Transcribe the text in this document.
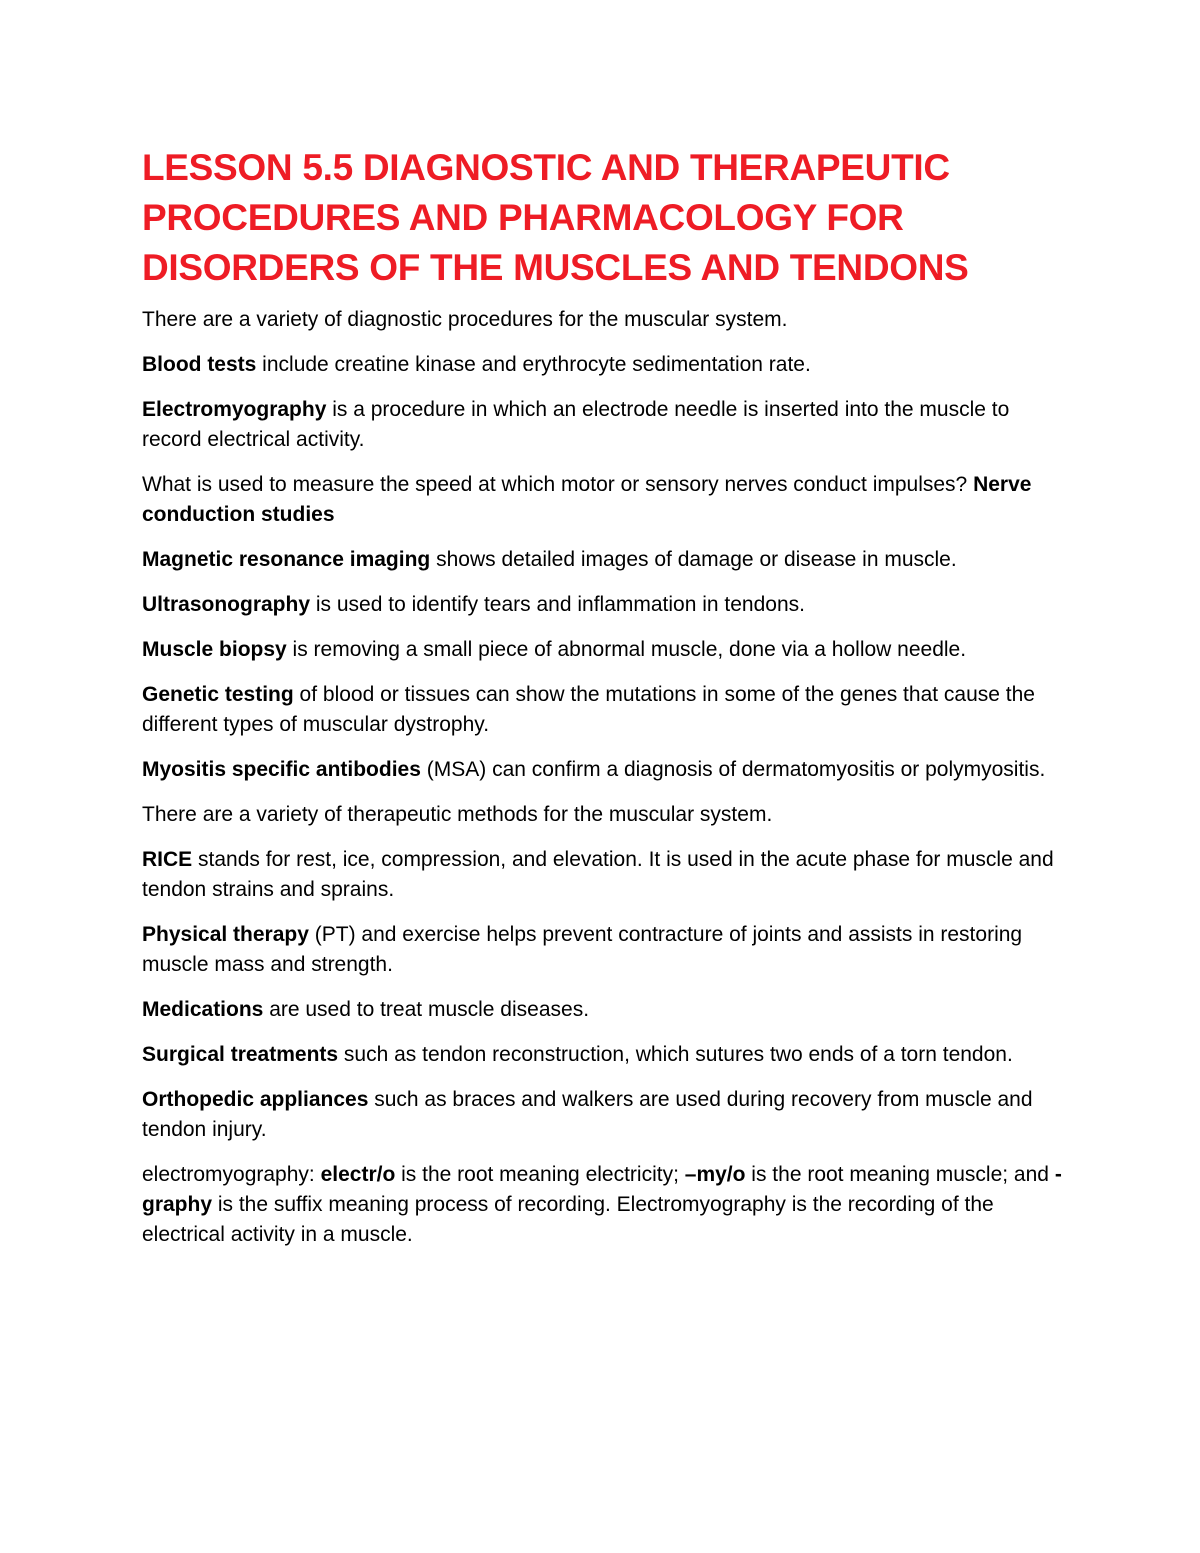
LESSON 5.5 DIAGNOSTIC AND THERAPEUTIC PROCEDURES AND PHARMACOLOGY FOR DISORDERS OF THE MUSCLES AND TENDONS

There are a variety of diagnostic procedures for the muscular system.

Blood tests include creatine kinase and erythrocyte sedimentation rate.

Electromyography is a procedure in which an electrode needle is inserted into the muscle to record electrical activity.

What is used to measure the speed at which motor or sensory nerves conduct impulses? Nerve conduction studies

Magnetic resonance imaging shows detailed images of damage or disease in muscle.

Ultrasonography is used to identify tears and inflammation in tendons.

Muscle biopsy is removing a small piece of abnormal muscle, done via a hollow needle.

Genetic testing of blood or tissues can show the mutations in some of the genes that cause the different types of muscular dystrophy.

Myositis specific antibodies (MSA) can confirm a diagnosis of dermatomyositis or polymyositis.

There are a variety of therapeutic methods for the muscular system.

RICE stands for rest, ice, compression, and elevation. It is used in the acute phase for muscle and tendon strains and sprains.

Physical therapy (PT) and exercise helps prevent contracture of joints and assists in restoring muscle mass and strength.

Medications are used to treat muscle diseases.

Surgical treatments such as tendon reconstruction, which sutures two ends of a torn tendon.

Orthopedic appliances such as braces and walkers are used during recovery from muscle and tendon injury.

electromyography: electr/o is the root meaning electricity; –my/o is the root meaning muscle; and -graphy is the suffix meaning process of recording. Electromyography is the recording of the electrical activity in a muscle.
